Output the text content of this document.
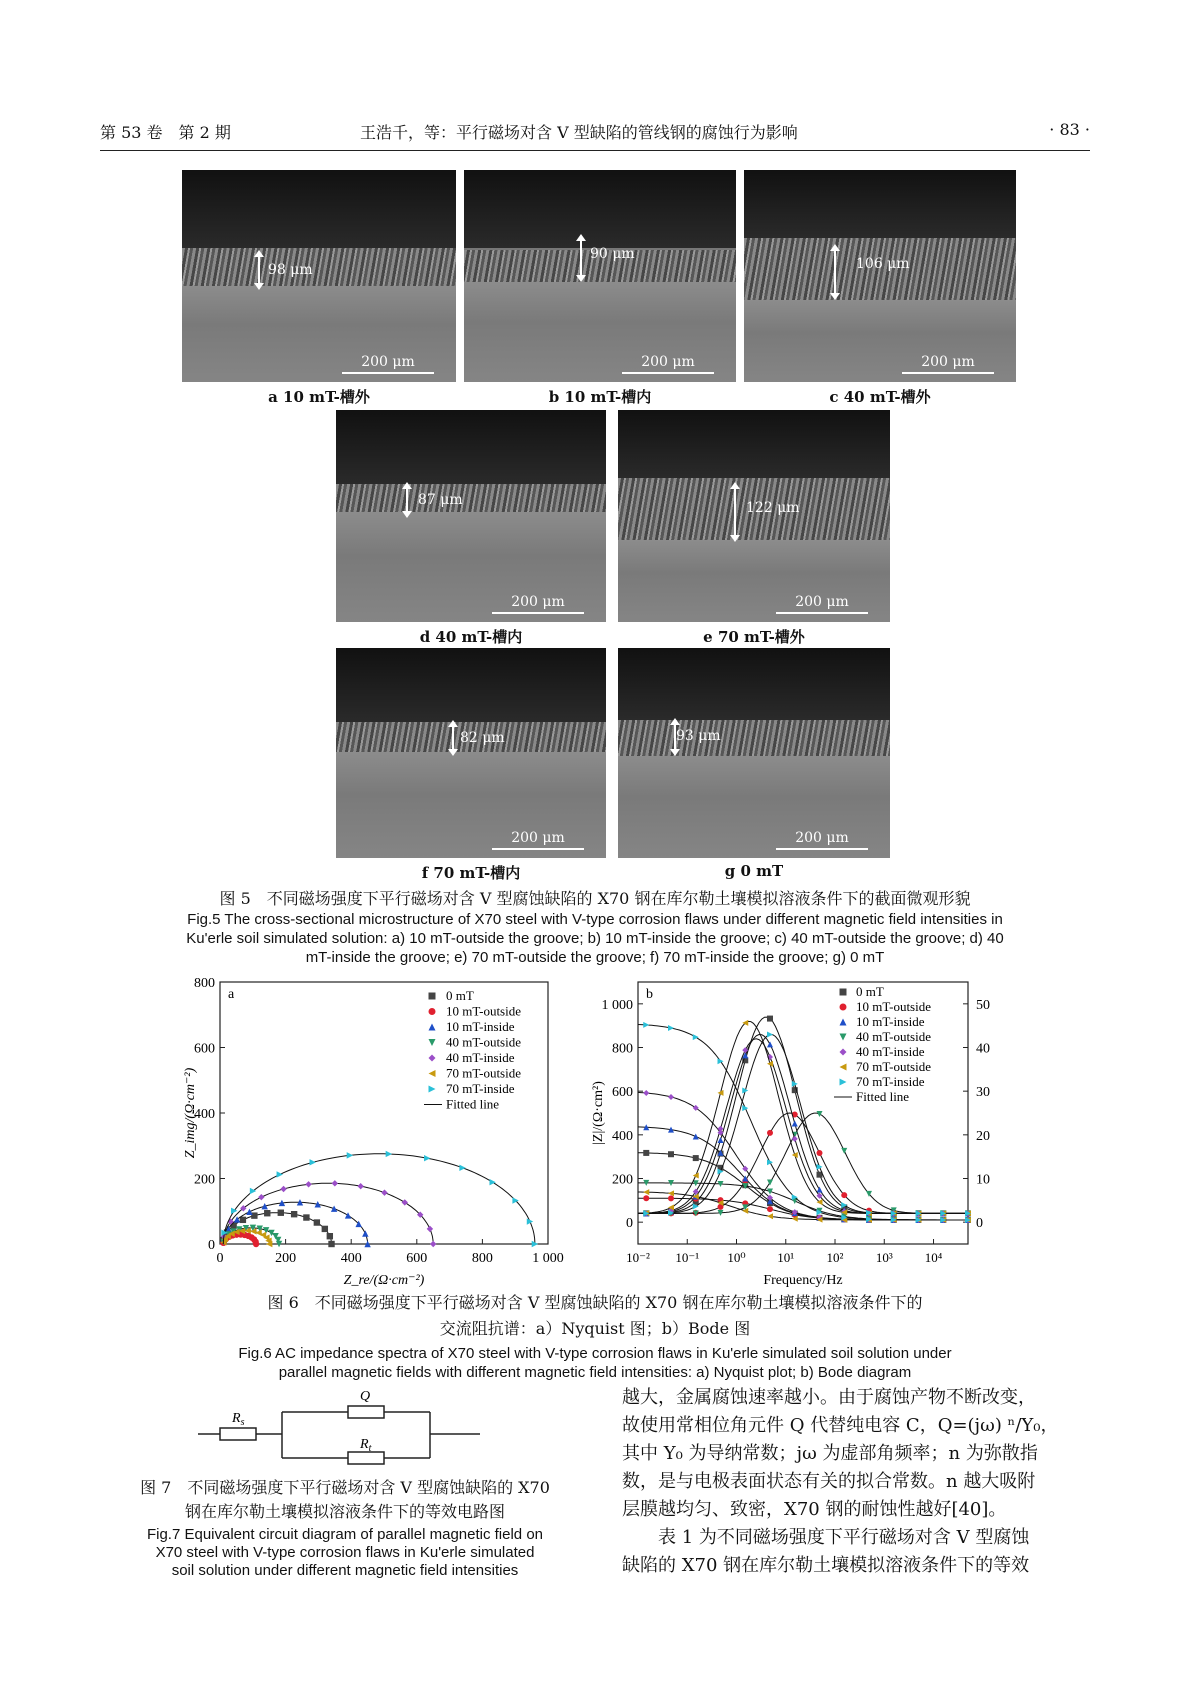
第 53 卷　第 2 期	王浩千，等：平行磁场对含 V 型缺陷的管线钢的腐蚀行为影响	· 83 ·
98 μm
200 μm
a 10 mT-槽外
90 μm
200 μm
b 10 mT-槽内
106 μm
200 μm
c 40 mT-槽外
87 μm
200 μm
d 40 mT-槽内
122 μm
200 μm
e 70 mT-槽外
82 μm
200 μm
f 70 mT-槽内
93 μm
200 μm
g 0 mT
图 5　不同磁场强度下平行磁场对含 V 型腐蚀缺陷的 X70 钢在库尔勒土壤模拟溶液条件下的截面微观形貌
Fig.5 The cross-sectional microstructure of X70 steel with V-type corrosion flaws under different magnetic field intensities in
Ku'erle soil simulated solution: a) 10 mT-outside the groove; b) 10 mT-inside the groove; c) 40 mT-outside the groove; d) 40
mT-inside the groove; e) 70 mT-outside the groove; f) 70 mT-inside the groove; g) 0 mT
0
200
400
600
800
0	200	400	600	800	1 000
a
Z_re/(Ω·cm⁻²)
Z_img/(Ω·cm⁻²)
0 mT
10 mT-outside
10 mT-inside
40 mT-outside
40 mT-inside
70 mT-outside
70 mT-inside
Fitted line
0
200
400
600
800
1 000
0
10
20
30
40
50
10⁻² 10⁻¹ 10⁰ 10¹ 10² 10³ 10⁴
b
Frequency/Hz
|Z|/(Ω·cm²)
0 mT
10 mT-outside
10 mT-inside
40 mT-outside
40 mT-inside
70 mT-outside
70 mT-inside
Fitted line
图 6　不同磁场强度下平行磁场对含 V 型腐蚀缺陷的 X70 钢在库尔勒土壤模拟溶液条件下的
交流阻抗谱：a）Nyquist 图；b）Bode 图
Fig.6 AC impedance spectra of X70 steel with V-type corrosion flaws in Ku'erle simulated soil solution under
parallel magnetic fields with different magnetic field intensities: a) Nyquist plot; b) Bode diagram
$R_s$
Q
$R_t$
图 7　不同磁场强度下平行磁场对含 V 型腐蚀缺陷的 X70
钢在库尔勒土壤模拟溶液条件下的等效电路图
Fig.7 Equivalent circuit diagram of parallel magnetic field on
X70 steel with V-type corrosion flaws in Ku'erle simulated
soil solution under different magnetic field intensities
越大，金属腐蚀速率越小。由于腐蚀产物不断改变，
故使用常相位角元件 Q 代替纯电容 C，Q=(jω) ⁿ/Y₀，
其中 Y₀ 为导纳常数；jω 为虚部角频率；n 为弥散指
数，是与电极表面状态有关的拟合常数。n 越大吸附
层膜越均匀、致密，X70 钢的耐蚀性越好[40]。
　　表 1 为不同磁场强度下平行磁场对含 V 型腐蚀
缺陷的 X70 钢在库尔勒土壤模拟溶液条件下的等效
